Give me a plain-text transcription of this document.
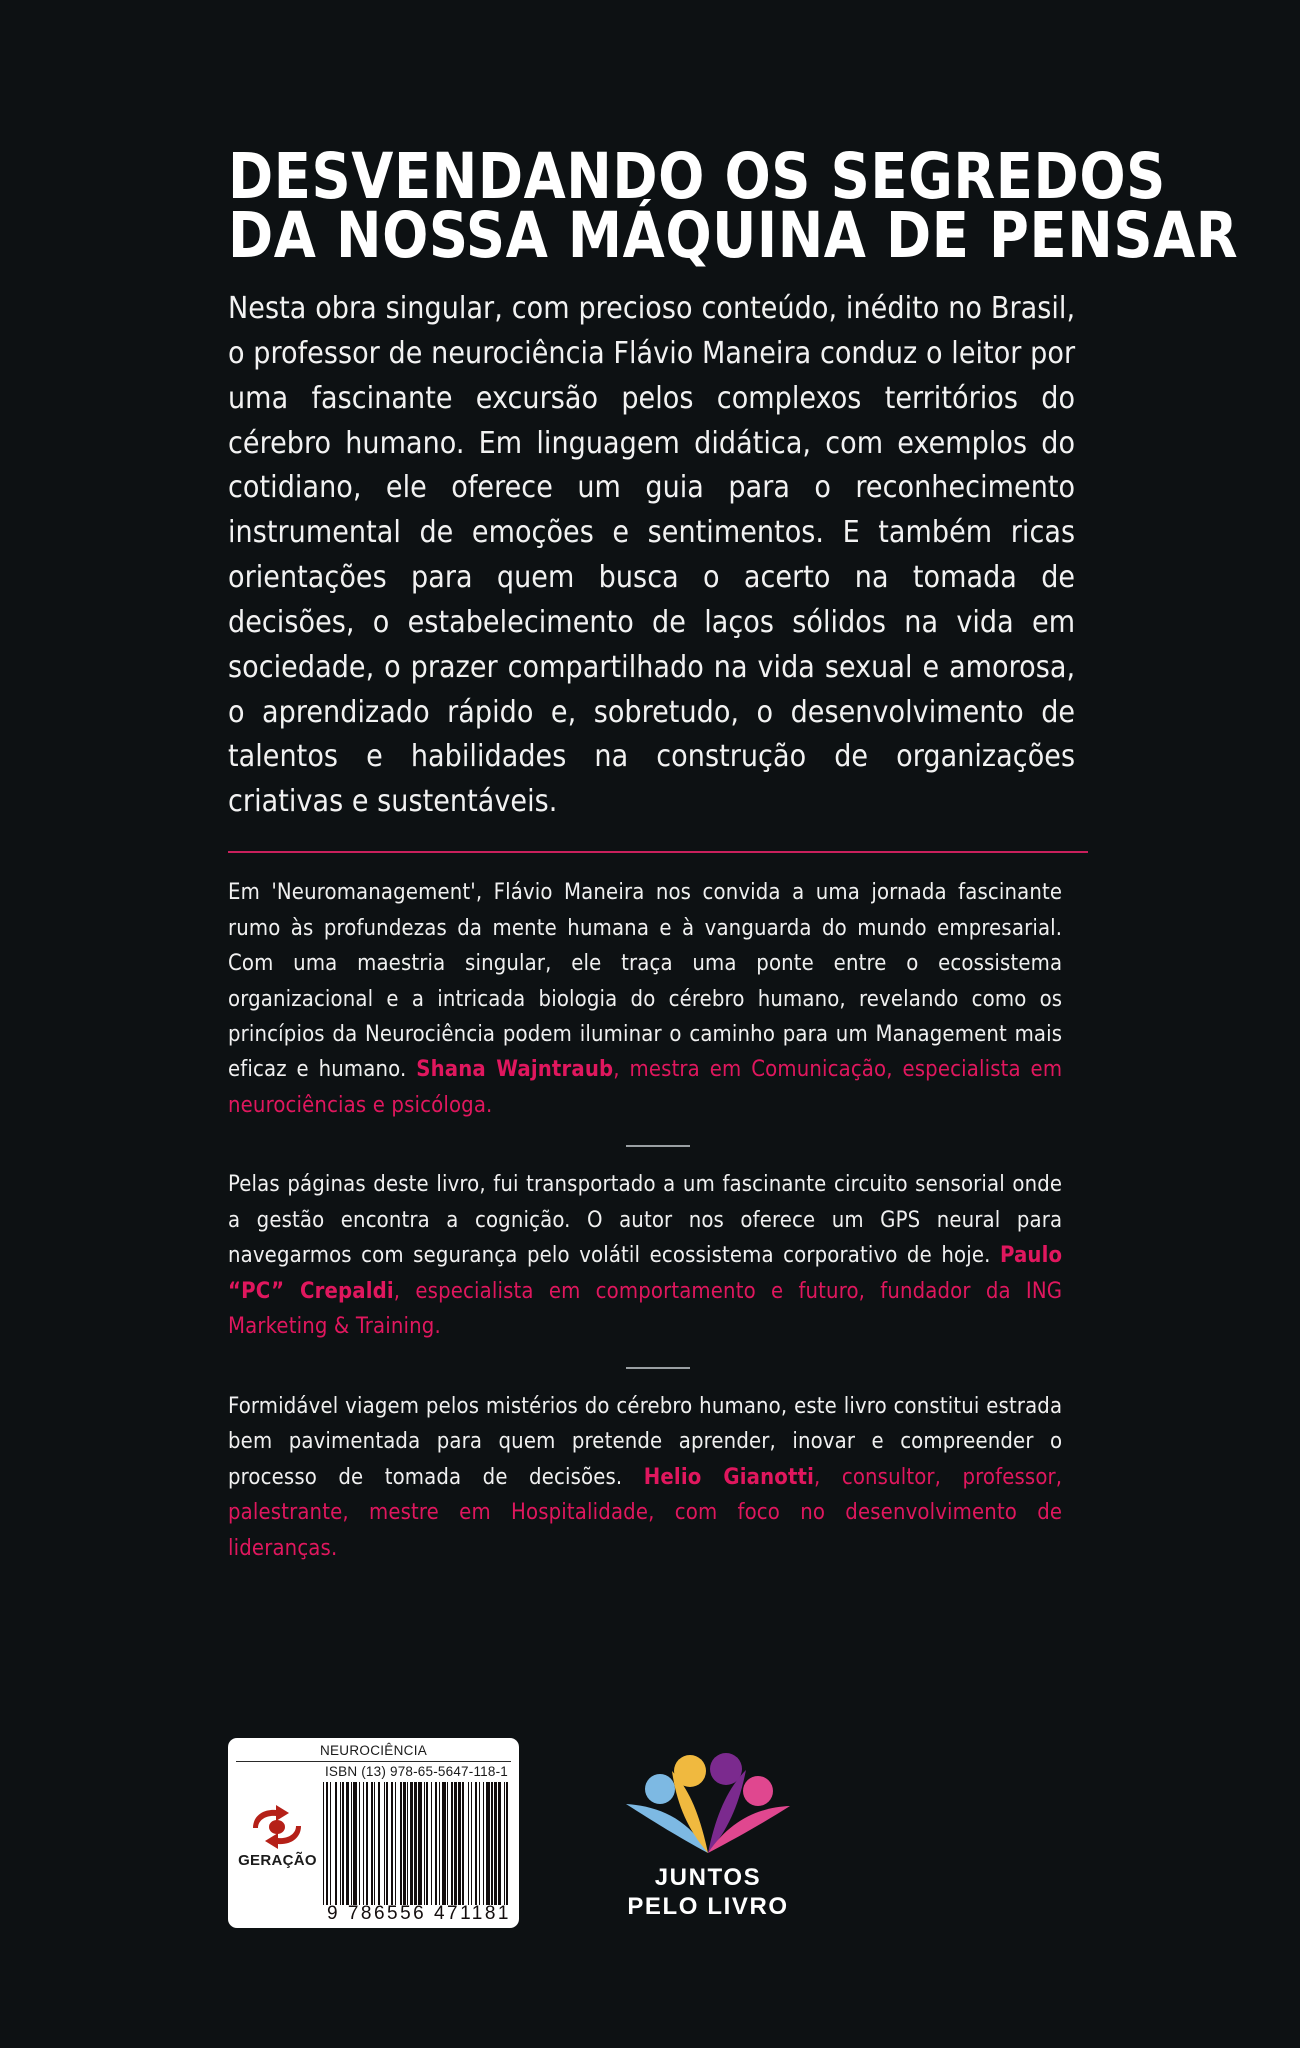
DESVENDANDO OS SEGREDOS
DA NOSSA MÁQUINA DE PENSAR

Nesta obra singular, com precioso conteúdo, inédito no Brasil, o professor de neurociência Flávio Maneira conduz o leitor por uma fascinante excursão pelos complexos territórios do cérebro humano. Em linguagem didática, com exemplos do cotidiano, ele oferece um guia para o reconhecimento instrumental de emoções e sentimentos. E também ricas orientações para quem busca o acerto na tomada de decisões, o estabelecimento de laços sólidos na vida em sociedade, o prazer compartilhado na vida sexual e amorosa, o aprendizado rápido e, sobretudo, o desenvolvimento de talentos e habilidades na construção de organizações criativas e sustentáveis.

Em 'Neuromanagement', Flávio Maneira nos convida a uma jornada fascinante rumo às profundezas da mente humana e à vanguarda do mundo empresarial. Com uma maestria singular, ele traça uma ponte entre o ecossistema organizacional e a intricada biologia do cérebro humano, revelando como os princípios da Neurociência podem iluminar o caminho para um Management mais eficaz e humano. Shana Wajntraub, mestra em Comunicação, especialista em neurociências e psicóloga.
Pelas páginas deste livro, fui transportado a um fascinante circuito sensorial onde a gestão encontra a cognição. O autor nos oferece um GPS neural para navegarmos com segurança pelo volátil ecossistema corporativo de hoje. Paulo “PC” Crepaldi, especialista em comportamento e futuro, fundador da ING Marketing & Training.
Formidável viagem pelos mistérios do cérebro humano, este livro constitui estrada bem pavimentada para quem pretende aprender, inovar e compreender o processo de tomada de decisões. Helio Gianotti, consultor, professor, palestrante, mestre em Hospitalidade, com foco no desenvolvimento de lideranças.
NEUROCIÊNCIA
GERAÇÃO
ISBN (13) 978-65-5647-118-1
9 786556 471181
JUNTOS
PELO LIVRO
